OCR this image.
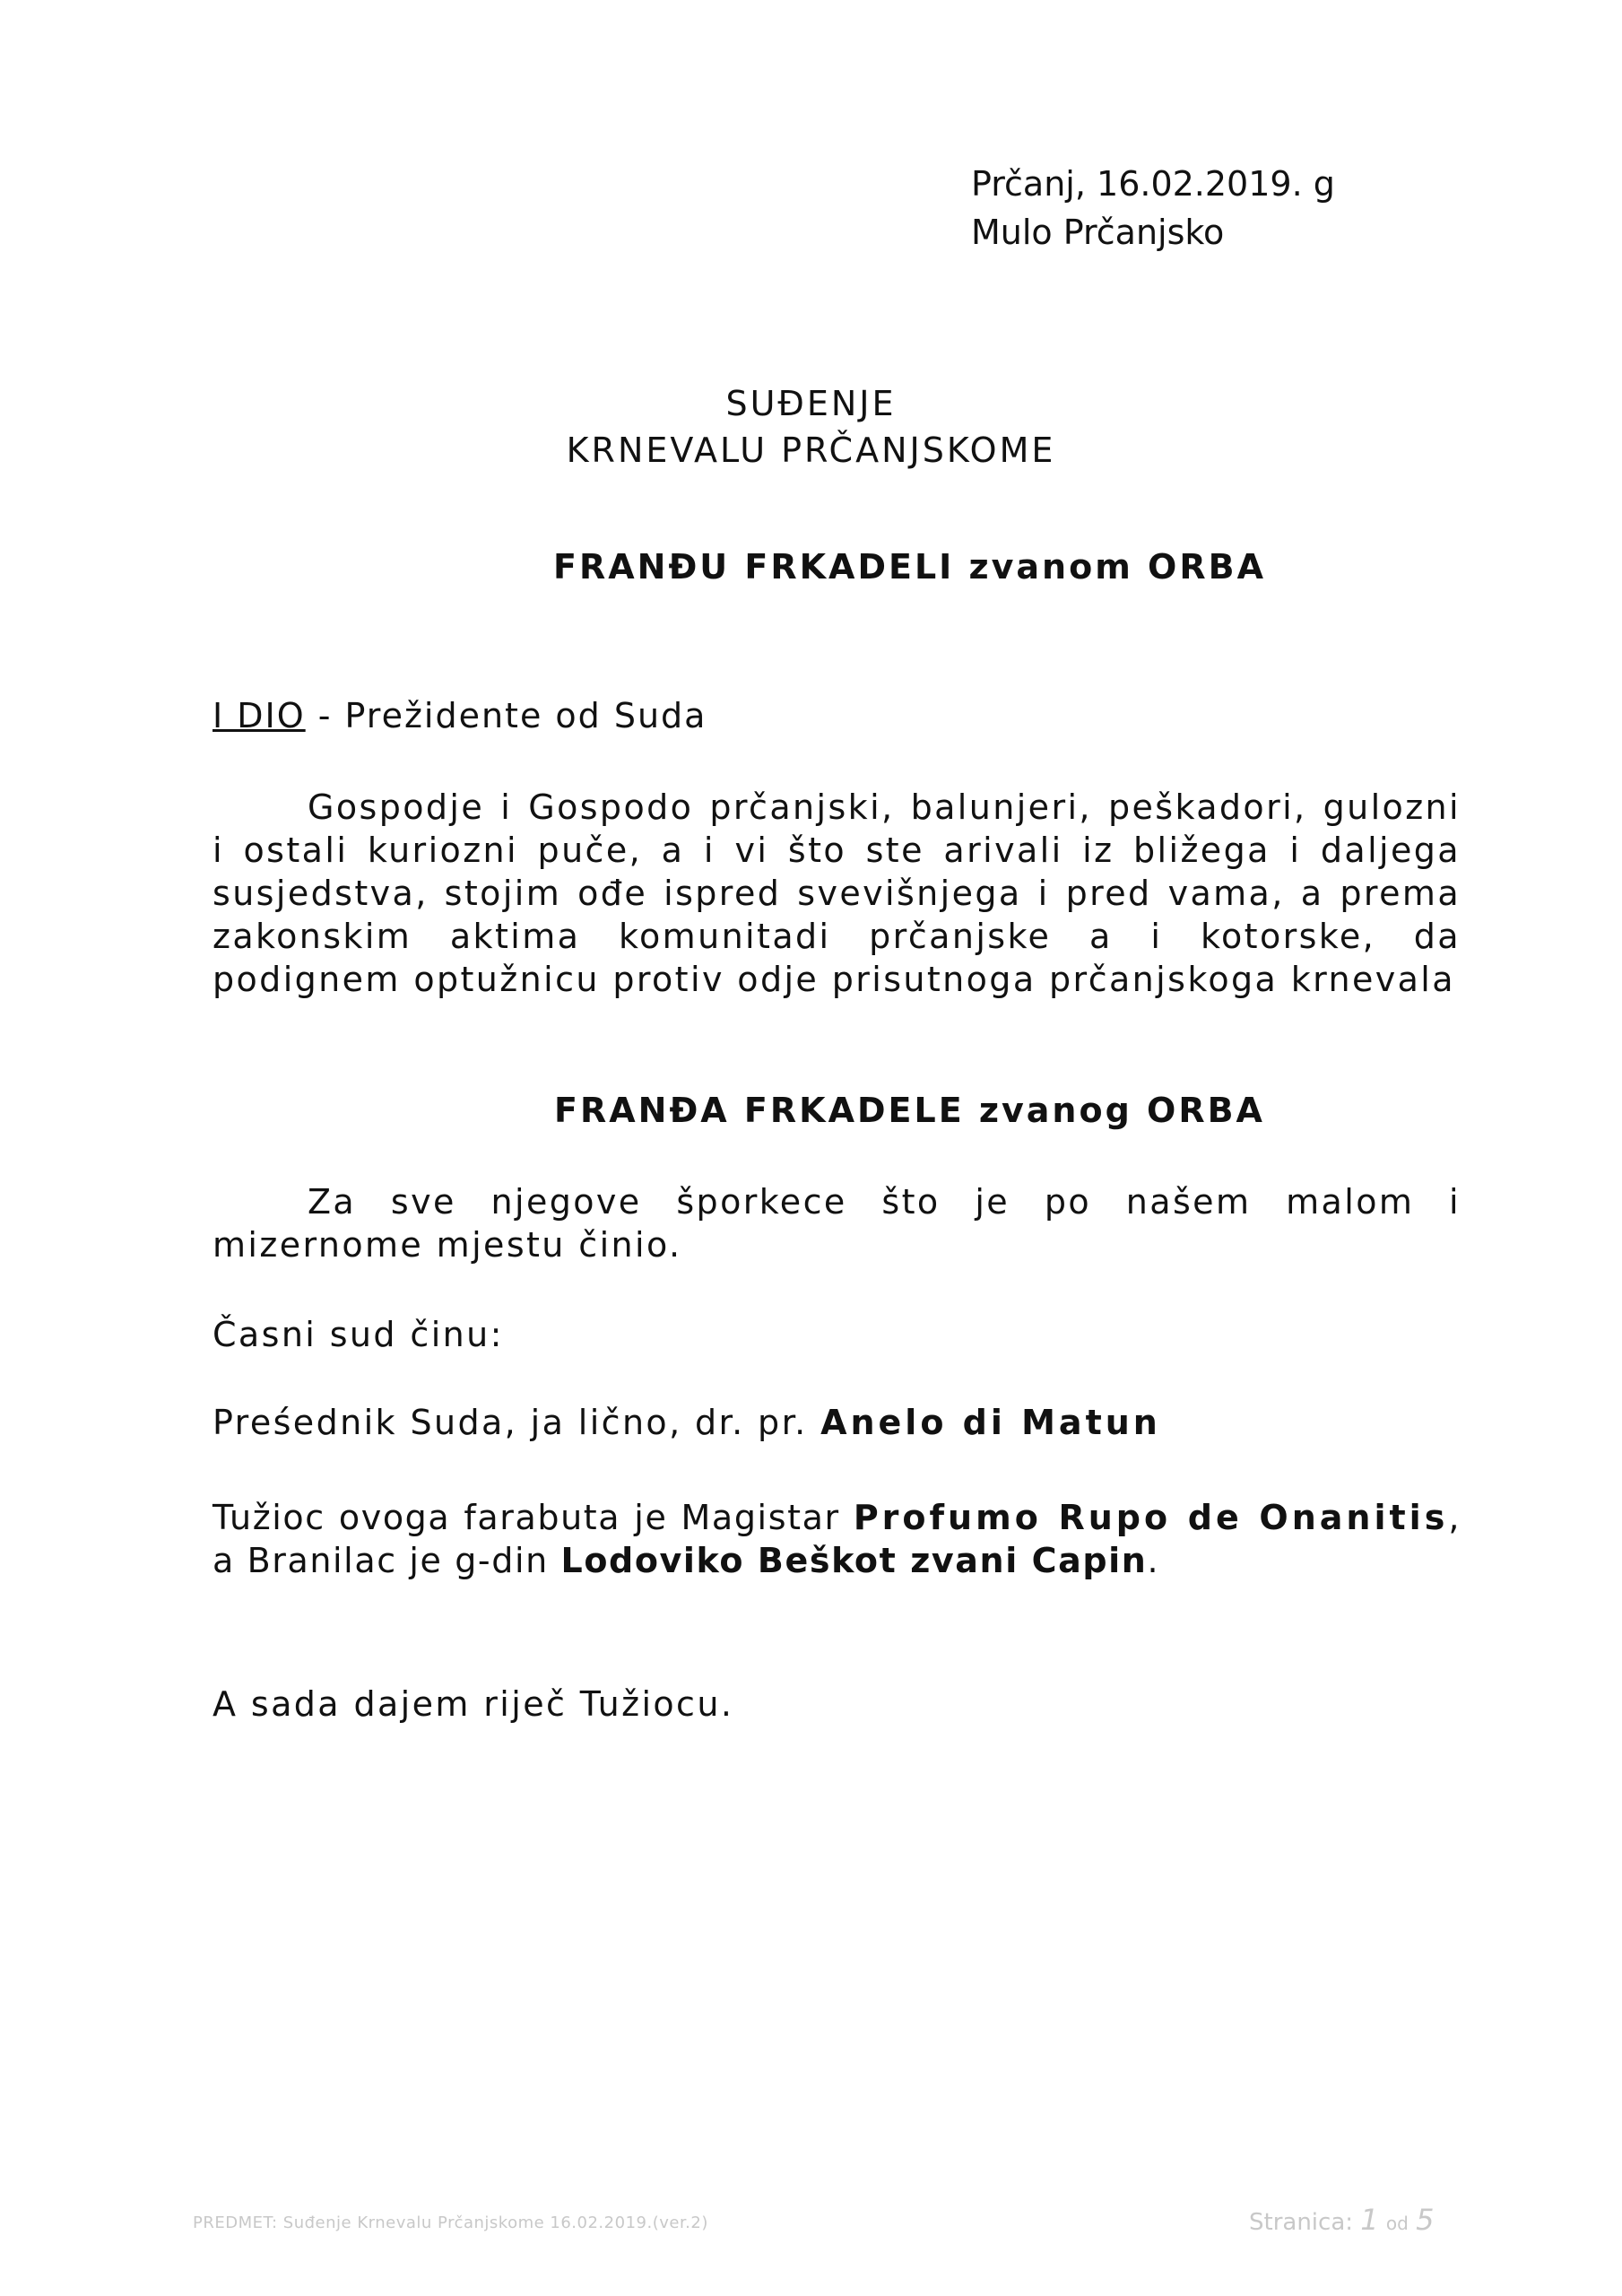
Prčanj, 16.02.2019. g
Mulo Prčanjsko
SUĐENJE
KRNEVALU PRČANJSKOME
FRANĐU FRKADELI zvanom ORBA
I DIO - Prežidente od Suda
Gospodje i Gospodo prčanjski, balunjeri, peškadori, gulozni i ostali kuriozni puče, a i vi što ste arivali iz bližega i daljega susjedstva, stojim ođe ispred svevišnjega i pred vama, a prema zakonskim aktima komunitadi prčanjske a i kotorske, da podignem optužnicu protiv odje prisutnoga prčanjskoga krnevala
FRANĐA FRKADELE zvanog ORBA
Za sve njegove šporkece što je po našem malom i mizernome mjestu činio.
Časni sud činu:
Preśednik Suda, ja lično, dr. pr. Anelo di Matun
Tužioc ovoga farabuta je Magistar Profumo Rupo de Onanitis, a Branilac je g-din Lodoviko Beškot zvani Capin.
A sada dajem riječ Tužiocu.
PREDMET: Suđenje Krnevalu Prčanjskome 16.02.2019.(ver.2)	Stranica: 1 od 5
